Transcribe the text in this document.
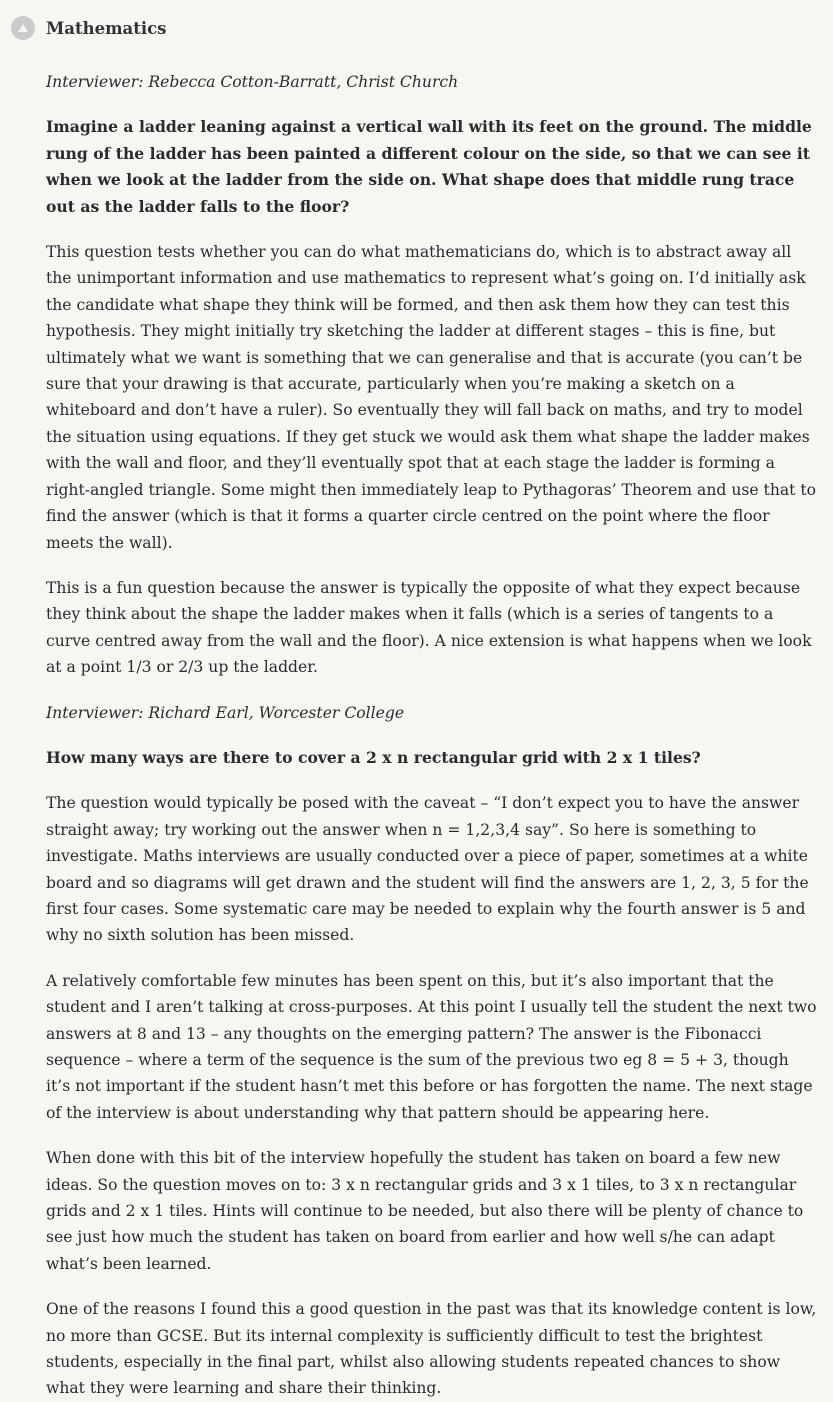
Mathematics

Interviewer: Rebecca Cotton-Barratt, Christ Church

Imagine a ladder leaning against a vertical wall with its feet on the ground. The middle rung of the ladder has been painted a different colour on the side, so that we can see it when we look at the ladder from the side on. What shape does that middle rung trace out as the ladder falls to the floor?

This question tests whether you can do what mathematicians do, which is to abstract away all the unimportant information and use mathematics to represent what’s going on. I’d initially ask the candidate what shape they think will be formed, and then ask them how they can test this hypothesis. They might initially try sketching the ladder at different stages – this is fine, but ultimately what we want is something that we can generalise and that is accurate (you can’t be sure that your drawing is that accurate, particularly when you’re making a sketch on a whiteboard and don’t have a ruler). So eventually they will fall back on maths, and try to model the situation using equations. If they get stuck we would ask them what shape the ladder makes with the wall and floor, and they’ll eventually spot that at each stage the ladder is forming a right-angled triangle. Some might then immediately leap to Pythagoras’ Theorem and use that to find the answer (which is that it forms a quarter circle centred on the point where the floor meets the wall).

This is a fun question because the answer is typically the opposite of what they expect because they think about the shape the ladder makes when it falls (which is a series of tangents to a curve centred away from the wall and the floor). A nice extension is what happens when we look at a point 1/3 or 2/3 up the ladder.

Interviewer: Richard Earl, Worcester College

How many ways are there to cover a 2 x n rectangular grid with 2 x 1 tiles?

The question would typically be posed with the caveat – “I don’t expect you to have the answer straight away; try working out the answer when n = 1,2,3,4 say”. So here is something to investigate. Maths interviews are usually conducted over a piece of paper, sometimes at a white board and so diagrams will get drawn and the student will find the answers are 1, 2, 3, 5 for the first four cases. Some systematic care may be needed to explain why the fourth answer is 5 and why no sixth solution has been missed.

A relatively comfortable few minutes has been spent on this, but it’s also important that the student and I aren’t talking at cross-purposes. At this point I usually tell the student the next two answers at 8 and 13 – any thoughts on the emerging pattern? The answer is the Fibonacci sequence – where a term of the sequence is the sum of the previous two eg 8 = 5 + 3, though it’s not important if the student hasn’t met this before or has forgotten the name. The next stage of the interview is about understanding why that pattern should be appearing here.

When done with this bit of the interview hopefully the student has taken on board a few new ideas. So the question moves on to: 3 x n rectangular grids and 3 x 1 tiles, to 3 x n rectangular grids and 2 x 1 tiles. Hints will continue to be needed, but also there will be plenty of chance to see just how much the student has taken on board from earlier and how well s/he can adapt what’s been learned.

One of the reasons I found this a good question in the past was that its knowledge content is low, no more than GCSE. But its internal complexity is sufficiently difficult to test the brightest students, especially in the final part, whilst also allowing students repeated chances to show what they were learning and share their thinking.
